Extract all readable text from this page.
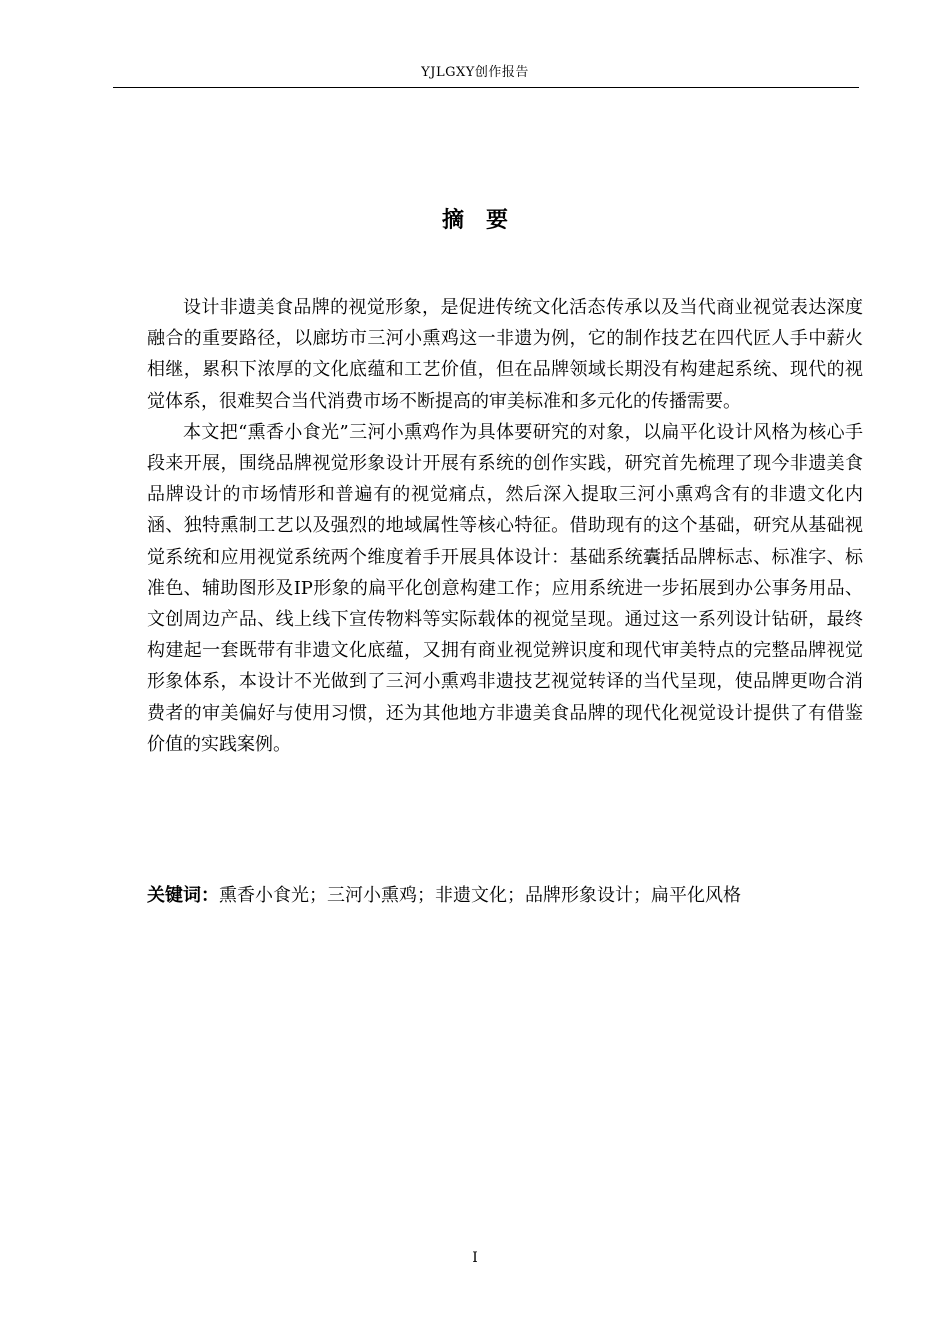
YJLGXY创作报告
摘 要

设计非遗美食品牌的视觉形象，是促进传统文化活态传承以及当代商业视觉表达深度融合的重要路径，以廊坊市三河小熏鸡这一非遗为例，它的制作技艺在四代匠人手中薪火相继，累积下浓厚的文化底蕴和工艺价值，但在品牌领域长期没有构建起系统、现代的视觉体系，很难契合当代消费市场不断提高的审美标准和多元化的传播需要。

本文把“熏香小食光”三河小熏鸡作为具体要研究的对象，以扁平化设计风格为核心手段来开展，围绕品牌视觉形象设计开展有系统的创作实践，研究首先梳理了现今非遗美食品牌设计的市场情形和普遍有的视觉痛点，然后深入提取三河小熏鸡含有的非遗文化内涵、独特熏制工艺以及强烈的地域属性等核心特征。借助现有的这个基础，研究从基础视觉系统和应用视觉系统两个维度着手开展具体设计：基础系统囊括品牌标志、标准字、标准色、辅助图形及IP形象的扁平化创意构建工作；应用系统进一步拓展到办公事务用品、文创周边产品、线上线下宣传物料等实际载体的视觉呈现。通过这一系列设计钻研，最终构建起一套既带有非遗文化底蕴，又拥有商业视觉辨识度和现代审美特点的完整品牌视觉形象体系，本设计不光做到了三河小熏鸡非遗技艺视觉转译的当代呈现，使品牌更吻合消费者的审美偏好与使用习惯，还为其他地方非遗美食品牌的现代化视觉设计提供了有借鉴价值的实践案例。

关键词：熏香小食光；三河小熏鸡；非遗文化；品牌形象设计；扁平化风格
I
